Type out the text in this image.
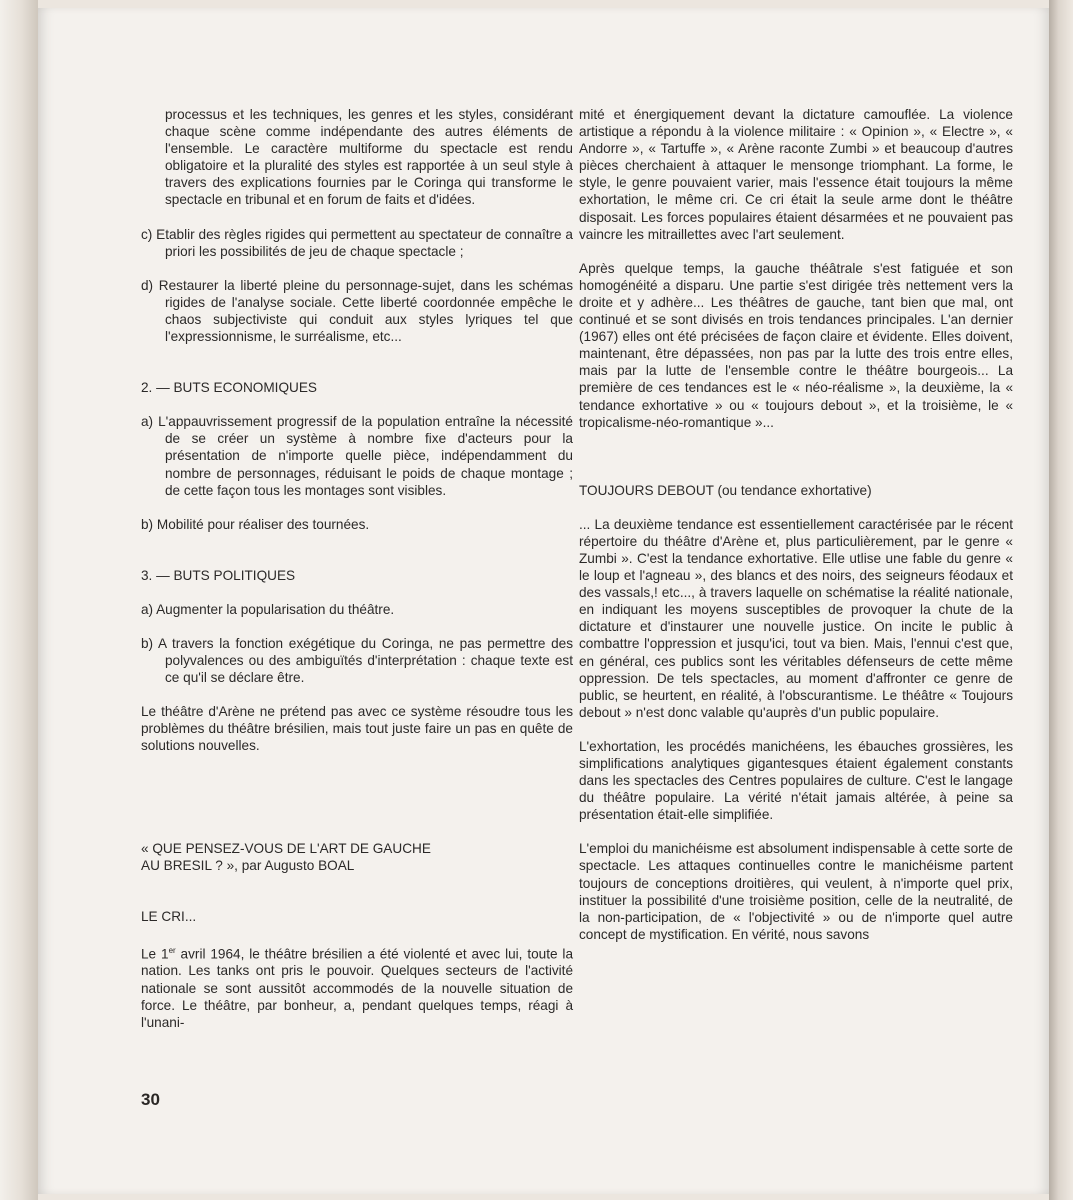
processus et les techniques, les genres et les styles, considérant chaque scène comme indépendante des autres éléments de l'ensemble. Le caractère multiforme du spectacle est rendu obligatoire et la pluralité des styles est rapportée à un seul style à travers des explications fournies par le Coringa qui transforme le spectacle en tribunal et en forum de faits et d'idées.

c) Etablir des règles rigides qui permettent au spectateur de connaître a priori les possibilités de jeu de chaque spectacle ;

d) Restaurer la liberté pleine du personnage-sujet, dans les schémas rigides de l'analyse sociale. Cette liberté coordonnée empêche le chaos subjectiviste qui conduit aux styles lyriques tel que l'expressionnisme, le surréalisme, etc...

2. — BUTS ECONOMIQUES

a) L'appauvrissement progressif de la population entraîne la nécessité de se créer un système à nombre fixe d'acteurs pour la présentation de n'importe quelle pièce, indépendamment du nombre de personnages, réduisant le poids de chaque montage ; de cette façon tous les montages sont visibles.

b) Mobilité pour réaliser des tournées.

3. — BUTS POLITIQUES

a) Augmenter la popularisation du théâtre.

b) A travers la fonction exégétique du Coringa, ne pas permettre des polyvalences ou des ambiguïtés d'interprétation : chaque texte est ce qu'il se déclare être.

Le théâtre d'Arène ne prétend pas avec ce système résoudre tous les problèmes du théâtre brésilien, mais tout juste faire un pas en quête de solutions nouvelles.

« QUE PENSEZ-VOUS DE L'ART DE GAUCHE

AU BRESIL ? », par Augusto BOAL

LE CRI...

Le 1er avril 1964, le théâtre brésilien a été violenté et avec lui, toute la nation. Les tanks ont pris le pouvoir. Quelques secteurs de l'activité nationale se sont aussitôt accommodés de la nouvelle situation de force. Le théâtre, par bonheur, a, pendant quelques temps, réagi à l'unani-

mité et énergiquement devant la dictature camouflée. La violence artistique a répondu à la violence militaire : « Opinion », « Electre », « Andorre », « Tartuffe », « Arène raconte Zumbi » et beaucoup d'autres pièces cherchaient à attaquer le mensonge triomphant. La forme, le style, le genre pouvaient varier, mais l'essence était toujours la même exhortation, le même cri. Ce cri était la seule arme dont le théâtre disposait. Les forces populaires étaient désarmées et ne pouvaient pas vaincre les mitraillettes avec l'art seulement.

Après quelque temps, la gauche théâtrale s'est fatiguée et son homogénéité a disparu. Une partie s'est dirigée très nettement vers la droite et y adhère... Les théâtres de gauche, tant bien que mal, ont continué et se sont divisés en trois tendances principales. L'an dernier (1967) elles ont été précisées de façon claire et évidente. Elles doivent, maintenant, être dépassées, non pas par la lutte des trois entre elles, mais par la lutte de l'ensemble contre le théâtre bourgeois... La première de ces tendances est le « néo-réalisme », la deuxième, la « tendance exhortative » ou « toujours debout », et la troisième, le « tropicalisme-néo-romantique »...

TOUJOURS DEBOUT (ou tendance exhortative)

... La deuxième tendance est essentiellement caractérisée par le récent répertoire du théâtre d'Arène et, plus particulièrement, par le genre « Zumbi ». C'est la tendance exhortative. Elle utlise une fable du genre « le loup et l'agneau », des blancs et des noirs, des seigneurs féodaux et des vassals,! etc..., à travers laquelle on schématise la réalité nationale, en indiquant les moyens susceptibles de provoquer la chute de la dictature et d'instaurer une nouvelle justice. On incite le public à combattre l'oppression et jusqu'ici, tout va bien. Mais, l'ennui c'est que, en général, ces publics sont les véritables défenseurs de cette même oppression. De tels spectacles, au moment d'affronter ce genre de public, se heurtent, en réalité, à l'obscurantisme. Le théâtre « Toujours debout » n'est donc valable qu'auprès d'un public populaire.

L'exhortation, les procédés manichéens, les ébauches grossières, les simplifications analytiques gigantesques étaient également constants dans les spectacles des Centres populaires de culture. C'est le langage du théâtre populaire. La vérité n'était jamais altérée, à peine sa présentation était-elle simplifiée.

L'emploi du manichéisme est absolument indispensable à cette sorte de spectacle. Les attaques continuelles contre le manichéisme partent toujours de conceptions droitières, qui veulent, à n'importe quel prix, instituer la possibilité d'une troisième position, celle de la neutralité, de la non-participation, de « l'objectivité » ou de n'importe quel autre concept de mystification. En vérité, nous savons

30
